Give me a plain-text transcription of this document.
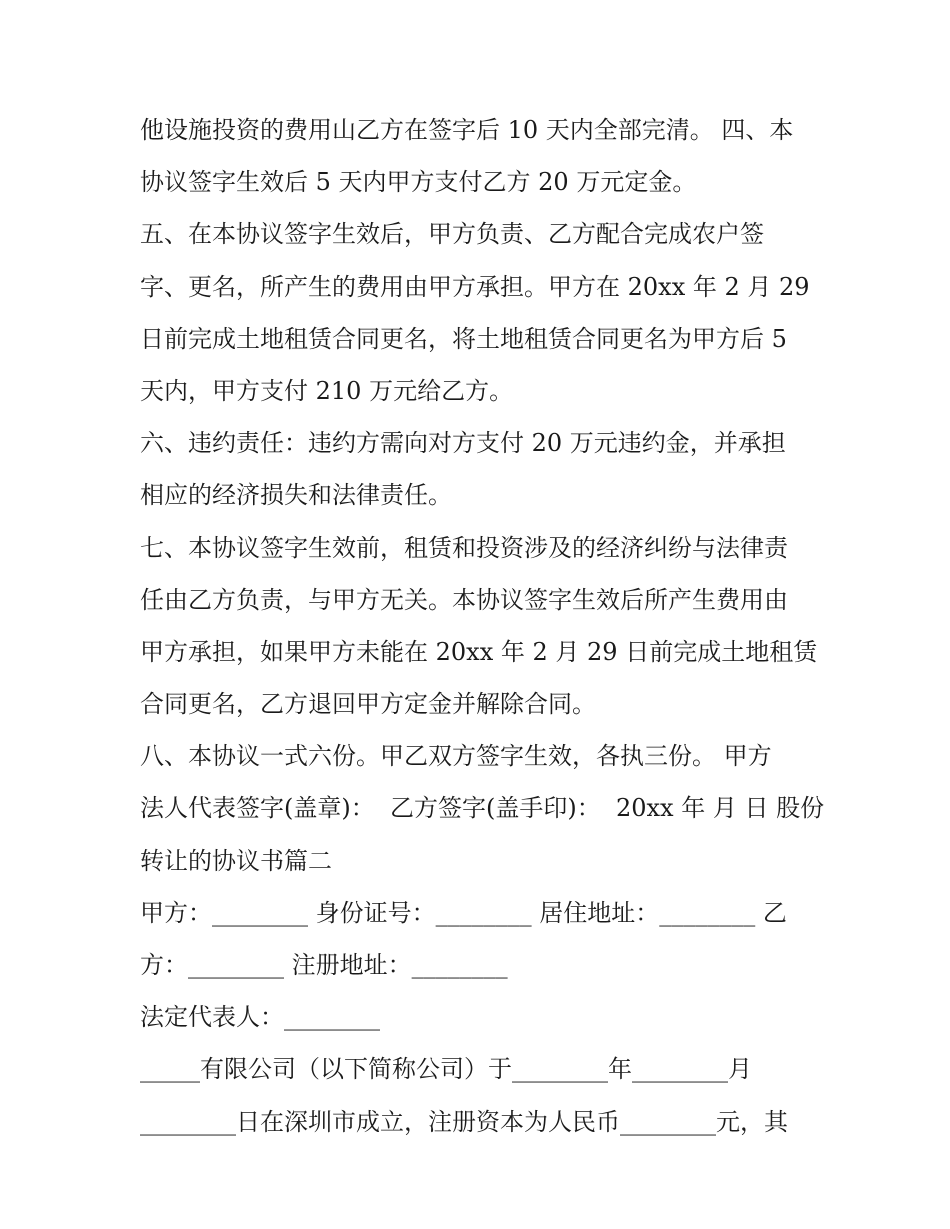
他设施投资的费用山乙方在签字后 10 天内全部完清。 四、本
协议签字生效后 5 天内甲方支付乙方 20 万元定金。
五、在本协议签字生效后，甲方负责、乙方配合完成农户签
字、更名，所产生的费用由甲方承担。甲方在 20xx 年 2 月 29
日前完成土地租赁合同更名，将土地租赁合同更名为甲方后 5
天内，甲方支付 210 万元给乙方。
六、违约责任：违约方需向对方支付 20 万元违约金，并承担
相应的经济损失和法律责任。
七、本协议签字生效前，租赁和投资涉及的经济纠纷与法律责
任由乙方负责，与甲方无关。本协议签字生效后所产生费用由
甲方承担，如果甲方未能在 20xx 年 2 月 29 日前完成土地租赁
合同更名，乙方退回甲方定金并解除合同。
八、本协议一式六份。甲乙双方签字生效，各执三份。 甲方
法人代表签字(盖章)：  乙方签字(盖手印)：  20xx 年 月 日 股份
转让的协议书篇二
甲方：________ 身份证号：________ 居住地址：________ 乙
方：________ 注册地址：________
法定代表人：________
_____有限公司（以下简称公司）于________年________月
________日在深圳市成立，注册资本为人民币________元，其
